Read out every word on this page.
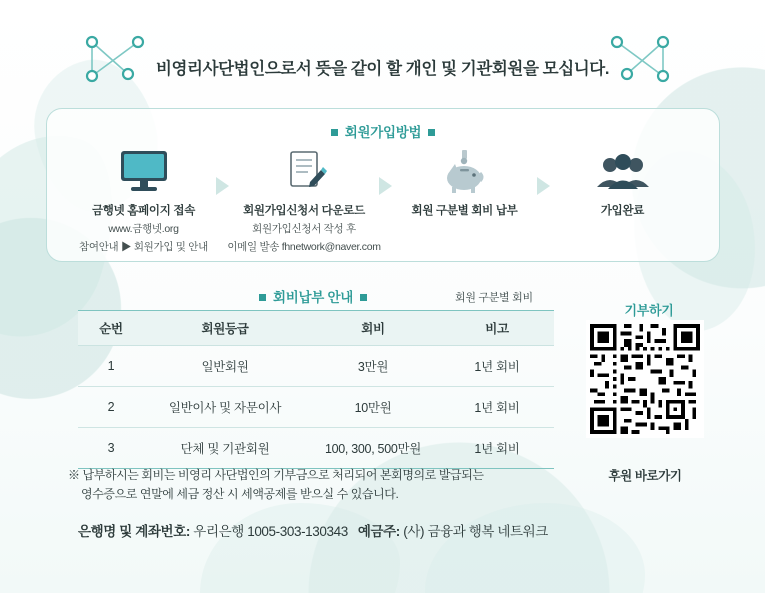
비영리사단법인으로서 뜻을 같이 할 개인 및 기관회원을 모십니다.
회원가입방법
금행넷 홈페이지 접속
www.금행넷.org
참여안내 ▶ 회원가입 및 안내
회원가입신청서 다운로드
회원가입신청서 작성 후
이메일 발송 fhnetwork@naver.com
회원 구분별 회비 납부	가입완료
회비납부 안내	회원 구분별 회비
순번	회원등급	회비	비고
1	일반회원	3만원	1년 회비
2	일반이사 및 자문이사	10만원	1년 회비
3	단체 및 기관회원	100, 300, 500만원	1년 회비
※ 납부하시는 회비는 비영리 사단법인의 기부금으로 처리되어 본회명의로 발급되는
영수증으로 연말에 세금 정산 시 세액공제를 받으실 수 있습니다.
은행명 및 계좌번호: 우리은행 1005-303-130343 예금주: (사) 금융과 행복 네트워크
기부하기
후원 바로가기
